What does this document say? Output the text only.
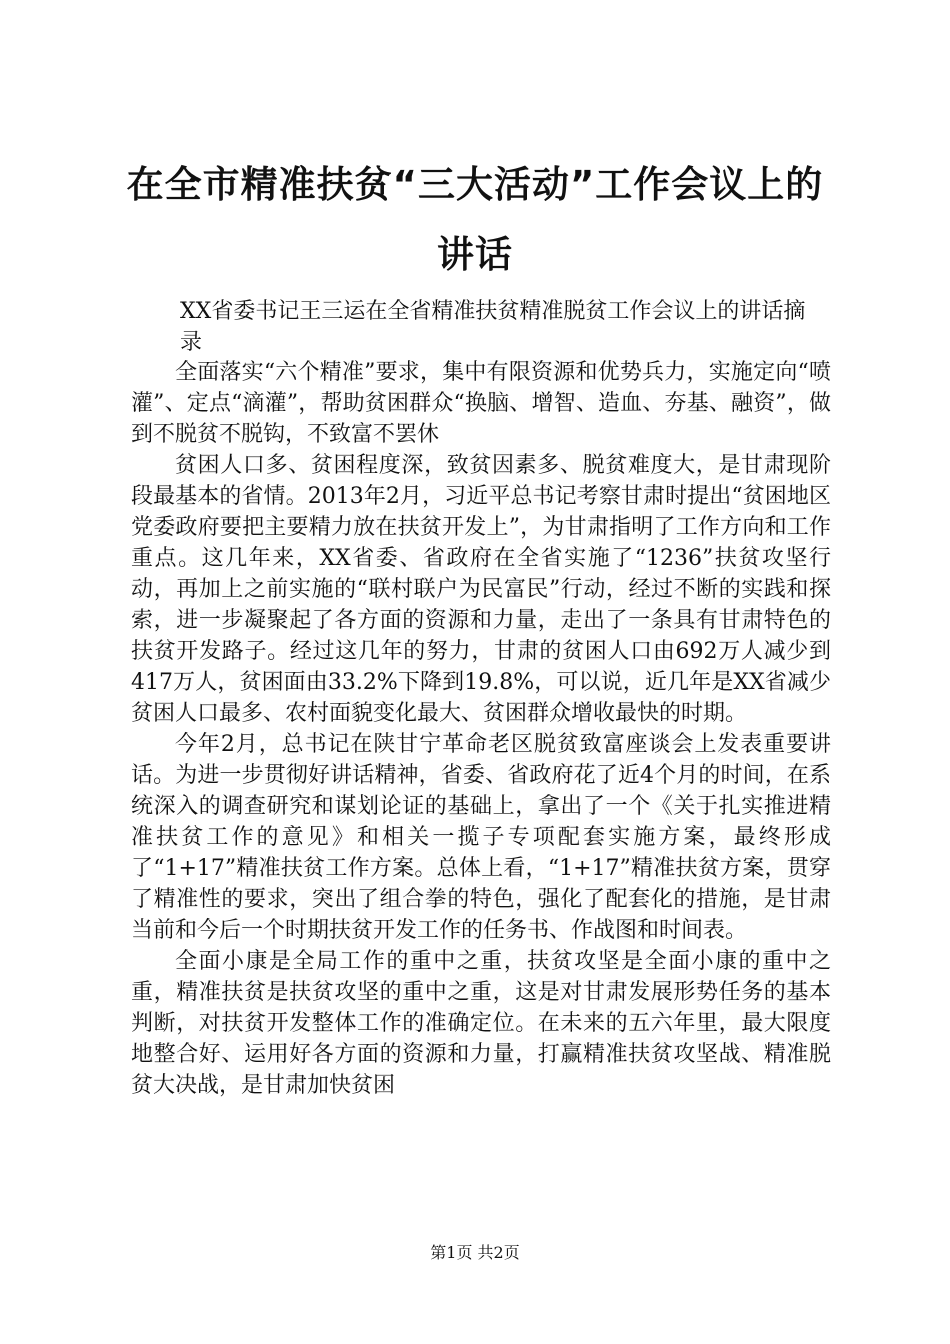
在全市精准扶贫“三大活动”工作会议上的讲话

XX省委书记王三运在全省精准扶贫精准脱贫工作会议上的讲话摘录

全面落实“六个精准”要求，集中有限资源和优势兵力，实施定向“喷灌”、定点“滴灌”，帮助贫困群众“换脑、增智、造血、夯基、融资”，做到不脱贫不脱钩，不致富不罢休

贫困人口多、贫困程度深，致贫因素多、脱贫难度大，是甘肃现阶段最基本的省情。2013年2月，习近平总书记考察甘肃时提出“贫困地区党委政府要把主要精力放在扶贫开发上”，为甘肃指明了工作方向和工作重点。这几年来，XX省委、省政府在全省实施了“1236”扶贫攻坚行动，再加上之前实施的“联村联户为民富民”行动，经过不断的实践和探索，进一步凝聚起了各方面的资源和力量，走出了一条具有甘肃特色的扶贫开发路子。经过这几年的努力，甘肃的贫困人口由692万人减少到417万人，贫困面由33.2%下降到19.8%，可以说，近几年是XX省减少贫困人口最多、农村面貌变化最大、贫困群众增收最快的时期。

今年2月，总书记在陕甘宁革命老区脱贫致富座谈会上发表重要讲话。为进一步贯彻好讲话精神，省委、省政府花了近4个月的时间，在系统深入的调查研究和谋划论证的基础上，拿出了一个《关于扎实推进精准扶贫工作的意见》和相关一揽子专项配套实施方案，最终形成了“1+17”精准扶贫工作方案。总体上看，“1+17”精准扶贫方案，贯穿了精准性的要求，突出了组合拳的特色，强化了配套化的措施，是甘肃当前和今后一个时期扶贫开发工作的任务书、作战图和时间表。

全面小康是全局工作的重中之重，扶贫攻坚是全面小康的重中之重，精准扶贫是扶贫攻坚的重中之重，这是对甘肃发展形势任务的基本判断，对扶贫开发整体工作的准确定位。在未来的五六年里，最大限度地整合好、运用好各方面的资源和力量，打赢精准扶贫攻坚战、精准脱贫大决战，是甘肃加快贫困

第1页 共2页
